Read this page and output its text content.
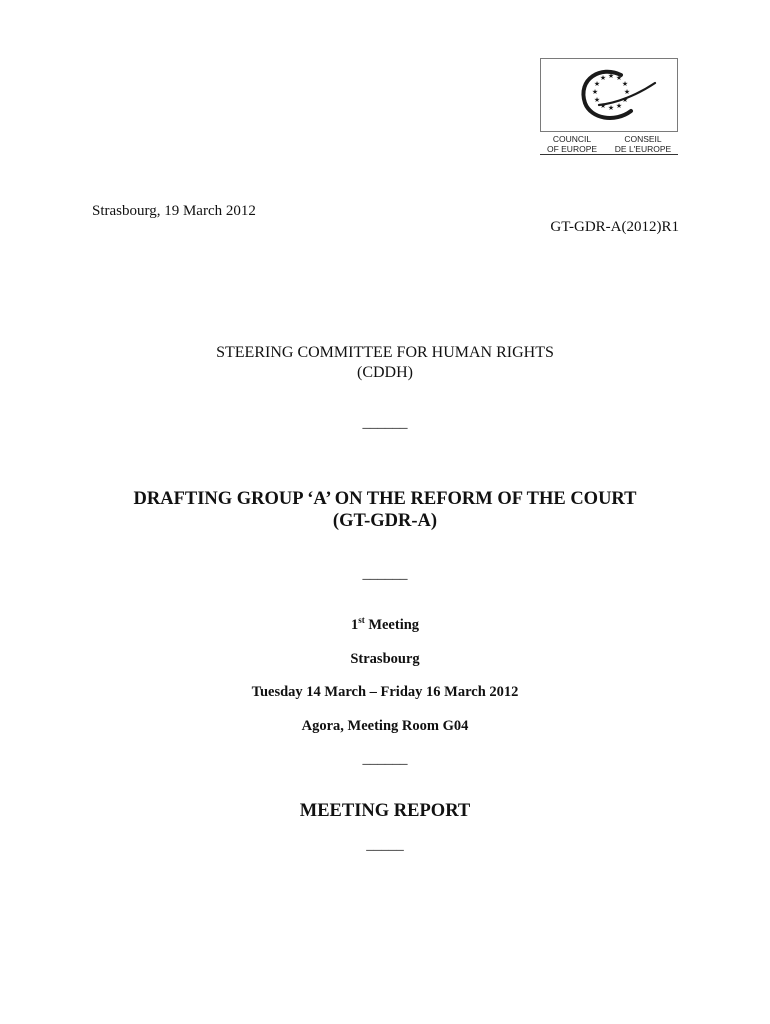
★ ★
★
★
★
★
★
★
★
★
★
★
COUNCIL
OF EUROPE
CONSEIL
DE L'EUROPE
Strasbourg, 19 March 2012
GT-GDR-A(2012)R1
STEERING COMMITTEE FOR HUMAN RIGHTS
(CDDH)
______
DRAFTING GROUP ‘A’ ON THE REFORM OF THE COURT
(GT-GDR-A)
______
1st Meeting
Strasbourg
Tuesday 14 March – Friday 16 March 2012
Agora, Meeting Room G04
______
MEETING REPORT
_____
